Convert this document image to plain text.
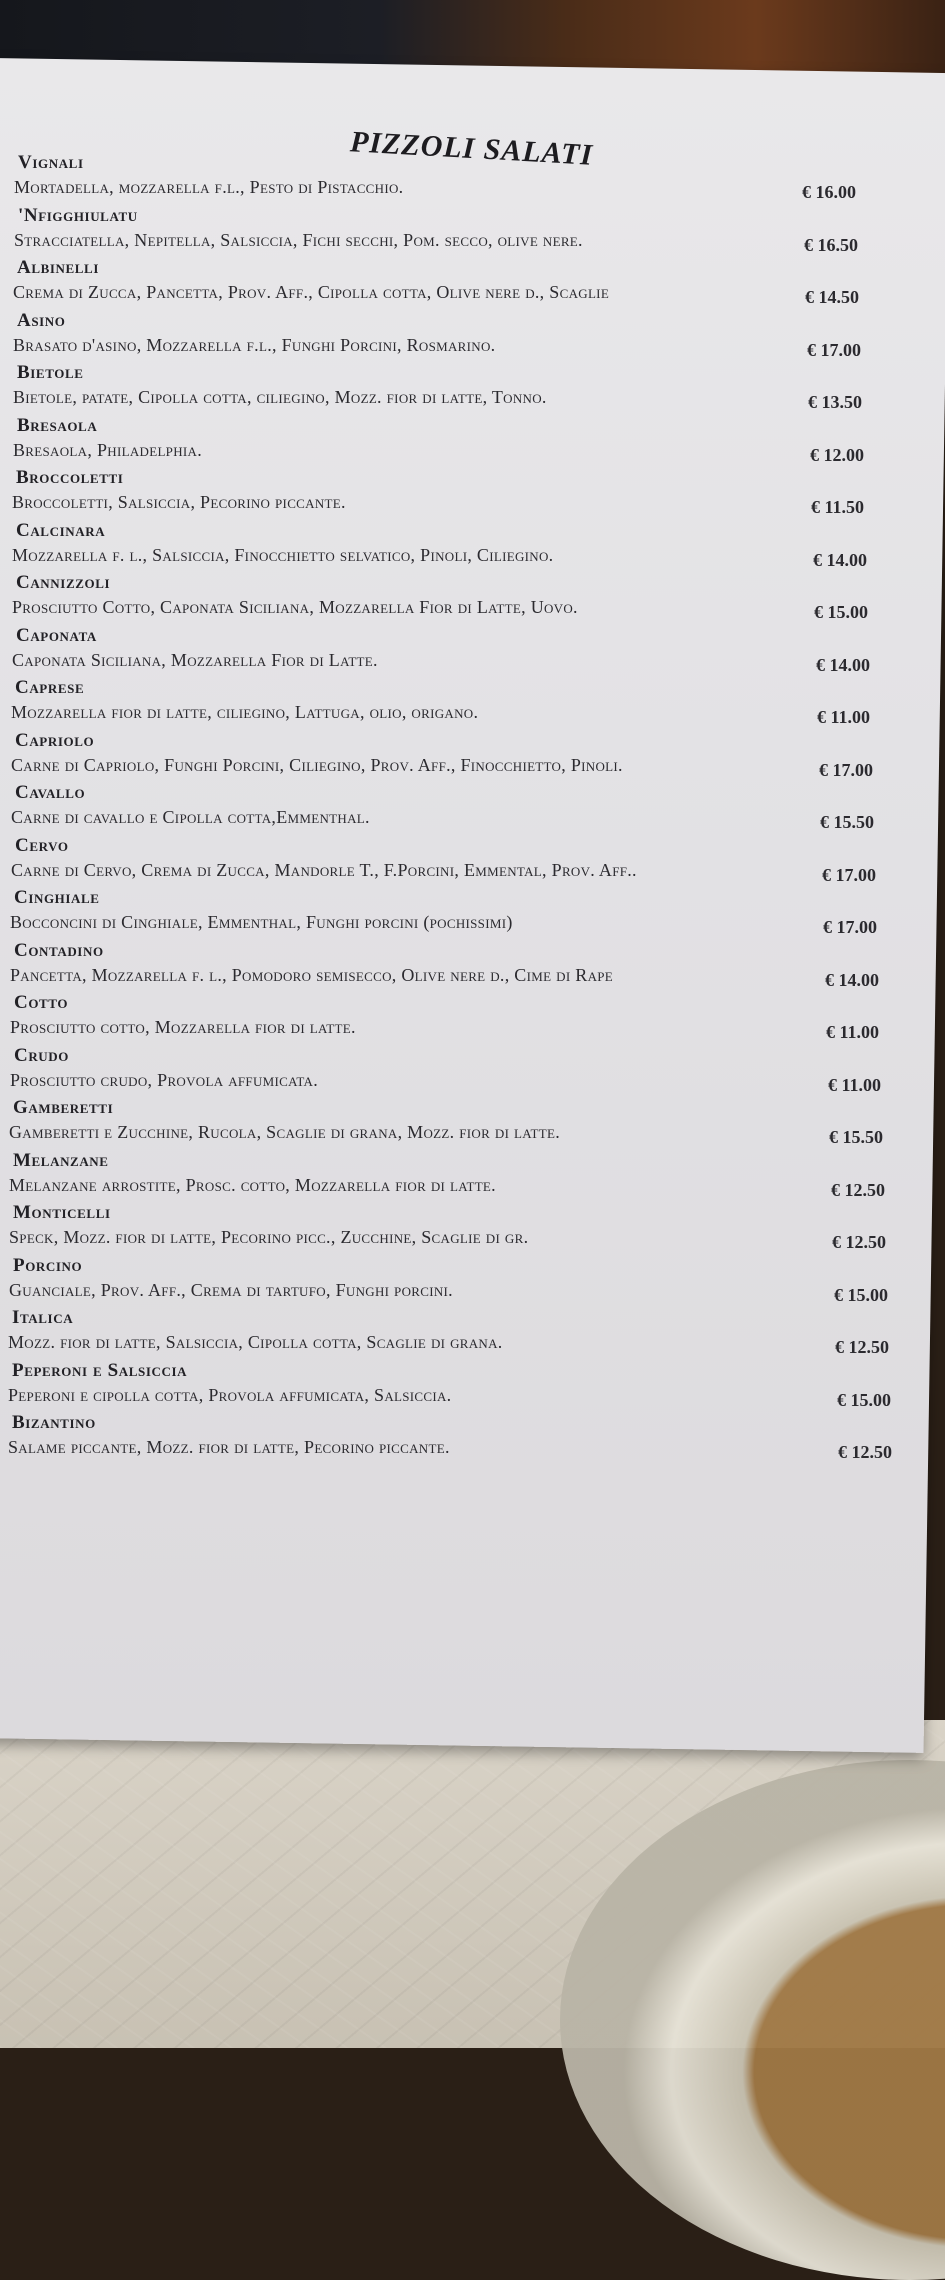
PIZZOLI SALATI
Vignali
Mortadella, mozzarella f.l., Pesto di Pistacchio.	€ 16.00
'Nfigghiulatu
Stracciatella, Nepitella, Salsiccia, Fichi secchi, Pom. secco, olive nere.	€ 16.50
Albinelli
Crema di Zucca, Pancetta, Prov. Aff., Cipolla cotta, Olive nere d., Scaglie	€ 14.50
Asino
Brasato d'asino, Mozzarella f.l., Funghi Porcini, Rosmarino.	€ 17.00
Bietole
Bietole, patate, Cipolla cotta, ciliegino, Mozz. fior di latte, Tonno.	€ 13.50
Bresaola
Bresaola, Philadelphia.	€ 12.00
Broccoletti
Broccoletti, Salsiccia, Pecorino piccante.	€ 11.50
Calcinara
Mozzarella f. l., Salsiccia, Finocchietto selvatico, Pinoli, Ciliegino.	€ 14.00
Cannizzoli
Prosciutto Cotto, Caponata Siciliana, Mozzarella Fior di Latte, Uovo.	€ 15.00
Caponata
Caponata Siciliana, Mozzarella Fior di Latte.	€ 14.00
Caprese
Mozzarella fior di latte, ciliegino, Lattuga, olio, origano.	€ 11.00
Capriolo
Carne di Capriolo, Funghi Porcini, Ciliegino, Prov. Aff., Finocchietto, Pinoli.	€ 17.00
Cavallo
Carne di cavallo e Cipolla cotta,Emmenthal.	€ 15.50
Cervo
Carne di Cervo, Crema di Zucca, Mandorle T., F.Porcini, Emmental, Prov. Aff..	€ 17.00
Cinghiale
Bocconcini di Cinghiale, Emmenthal, Funghi porcini (pochissimi)	€ 17.00
Contadino
Pancetta, Mozzarella f. l., Pomodoro semisecco, Olive nere d., Cime di Rape	€ 14.00
Cotto
Prosciutto cotto, Mozzarella fior di latte.	€ 11.00
Crudo
Prosciutto crudo, Provola affumicata.	€ 11.00
Gamberetti
Gamberetti e Zucchine, Rucola, Scaglie di grana, Mozz. fior di latte.	€ 15.50
Melanzane
Melanzane arrostite, Prosc. cotto, Mozzarella fior di latte.	€ 12.50
Monticelli
Speck, Mozz. fior di latte, Pecorino picc., Zucchine, Scaglie di gr.	€ 12.50
Porcino
Guanciale, Prov. Aff., Crema di tartufo, Funghi porcini.	€ 15.00
Italica
Mozz. fior di latte, Salsiccia, Cipolla cotta, Scaglie di grana.	€ 12.50
Peperoni e Salsiccia
Peperoni e cipolla cotta, Provola affumicata, Salsiccia.	€ 15.00
Bizantino
Salame piccante, Mozz. fior di latte, Pecorino piccante.	€ 12.50
